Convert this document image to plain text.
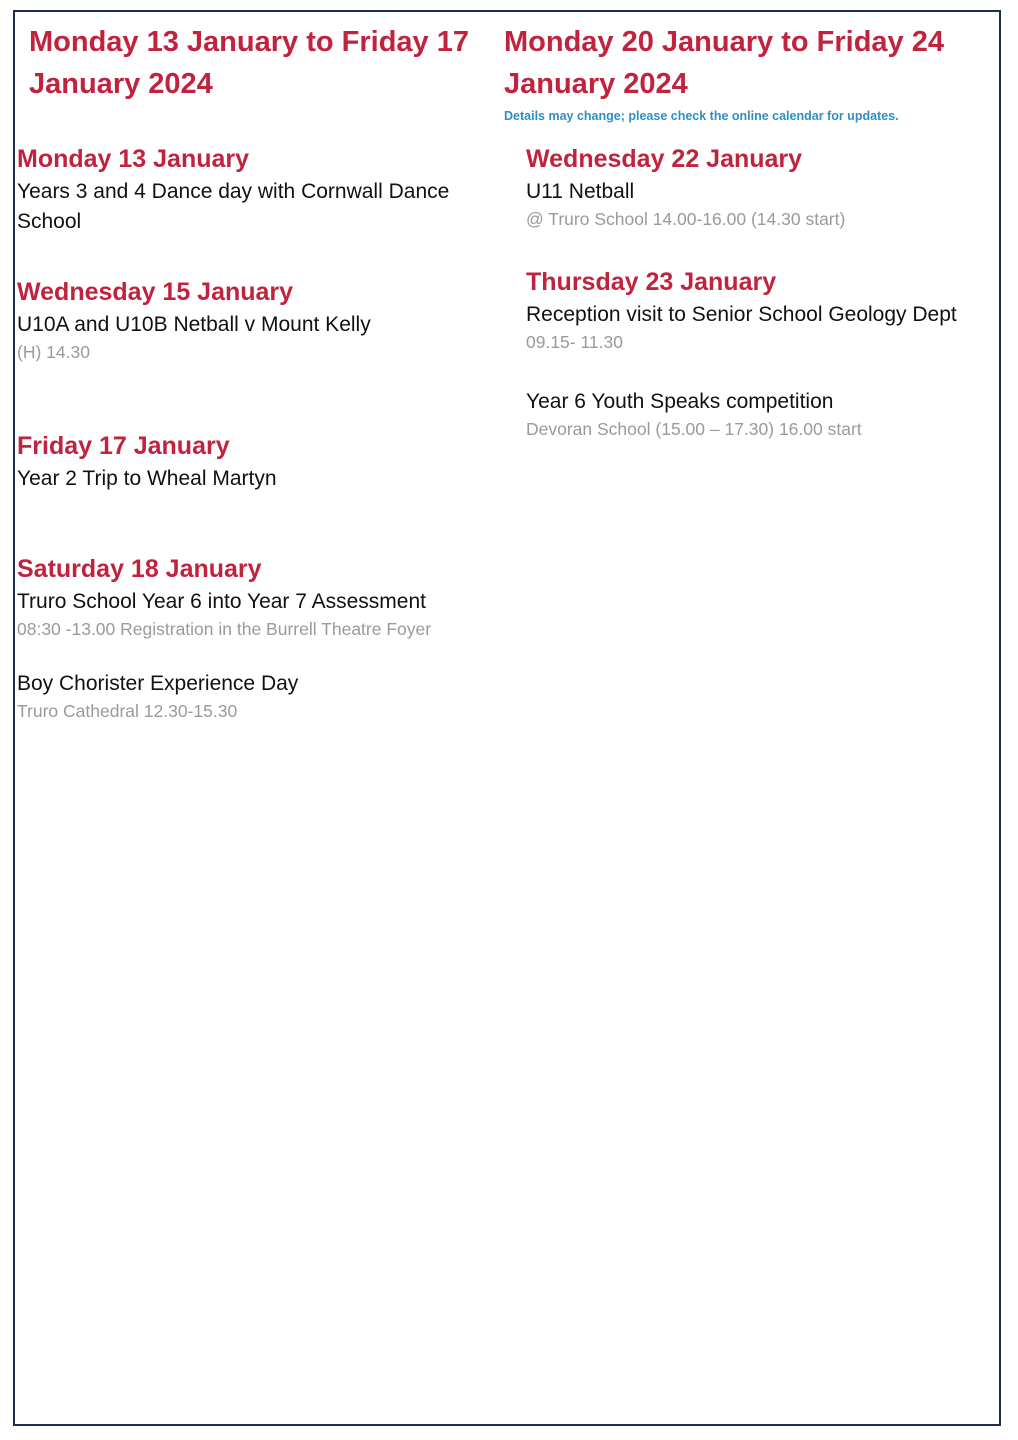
Monday 13 January to Friday 17 January 2024
Monday 20 January to Friday 24 January 2024
Details may change; please check the online calendar for updates.
Monday 13 January

Years 3 and 4 Dance day with Cornwall Dance School

Wednesday 15 January

U10A and U10B Netball v Mount Kelly

(H) 14.30

Friday 17 January

Year 2 Trip to Wheal Martyn

Saturday 18 January

Truro School Year 6 into Year 7 Assessment

08:30 -13.00 Registration in the Burrell Theatre Foyer

Boy Chorister Experience Day

Truro Cathedral 12.30-15.30

Wednesday 22 January

U11 Netball

@ Truro School 14.00-16.00 (14.30 start)

Thursday 23 January

Reception visit to Senior School Geology Dept

09.15- 11.30

Year 6 Youth Speaks competition

Devoran School (15.00 – 17.30) 16.00 start
